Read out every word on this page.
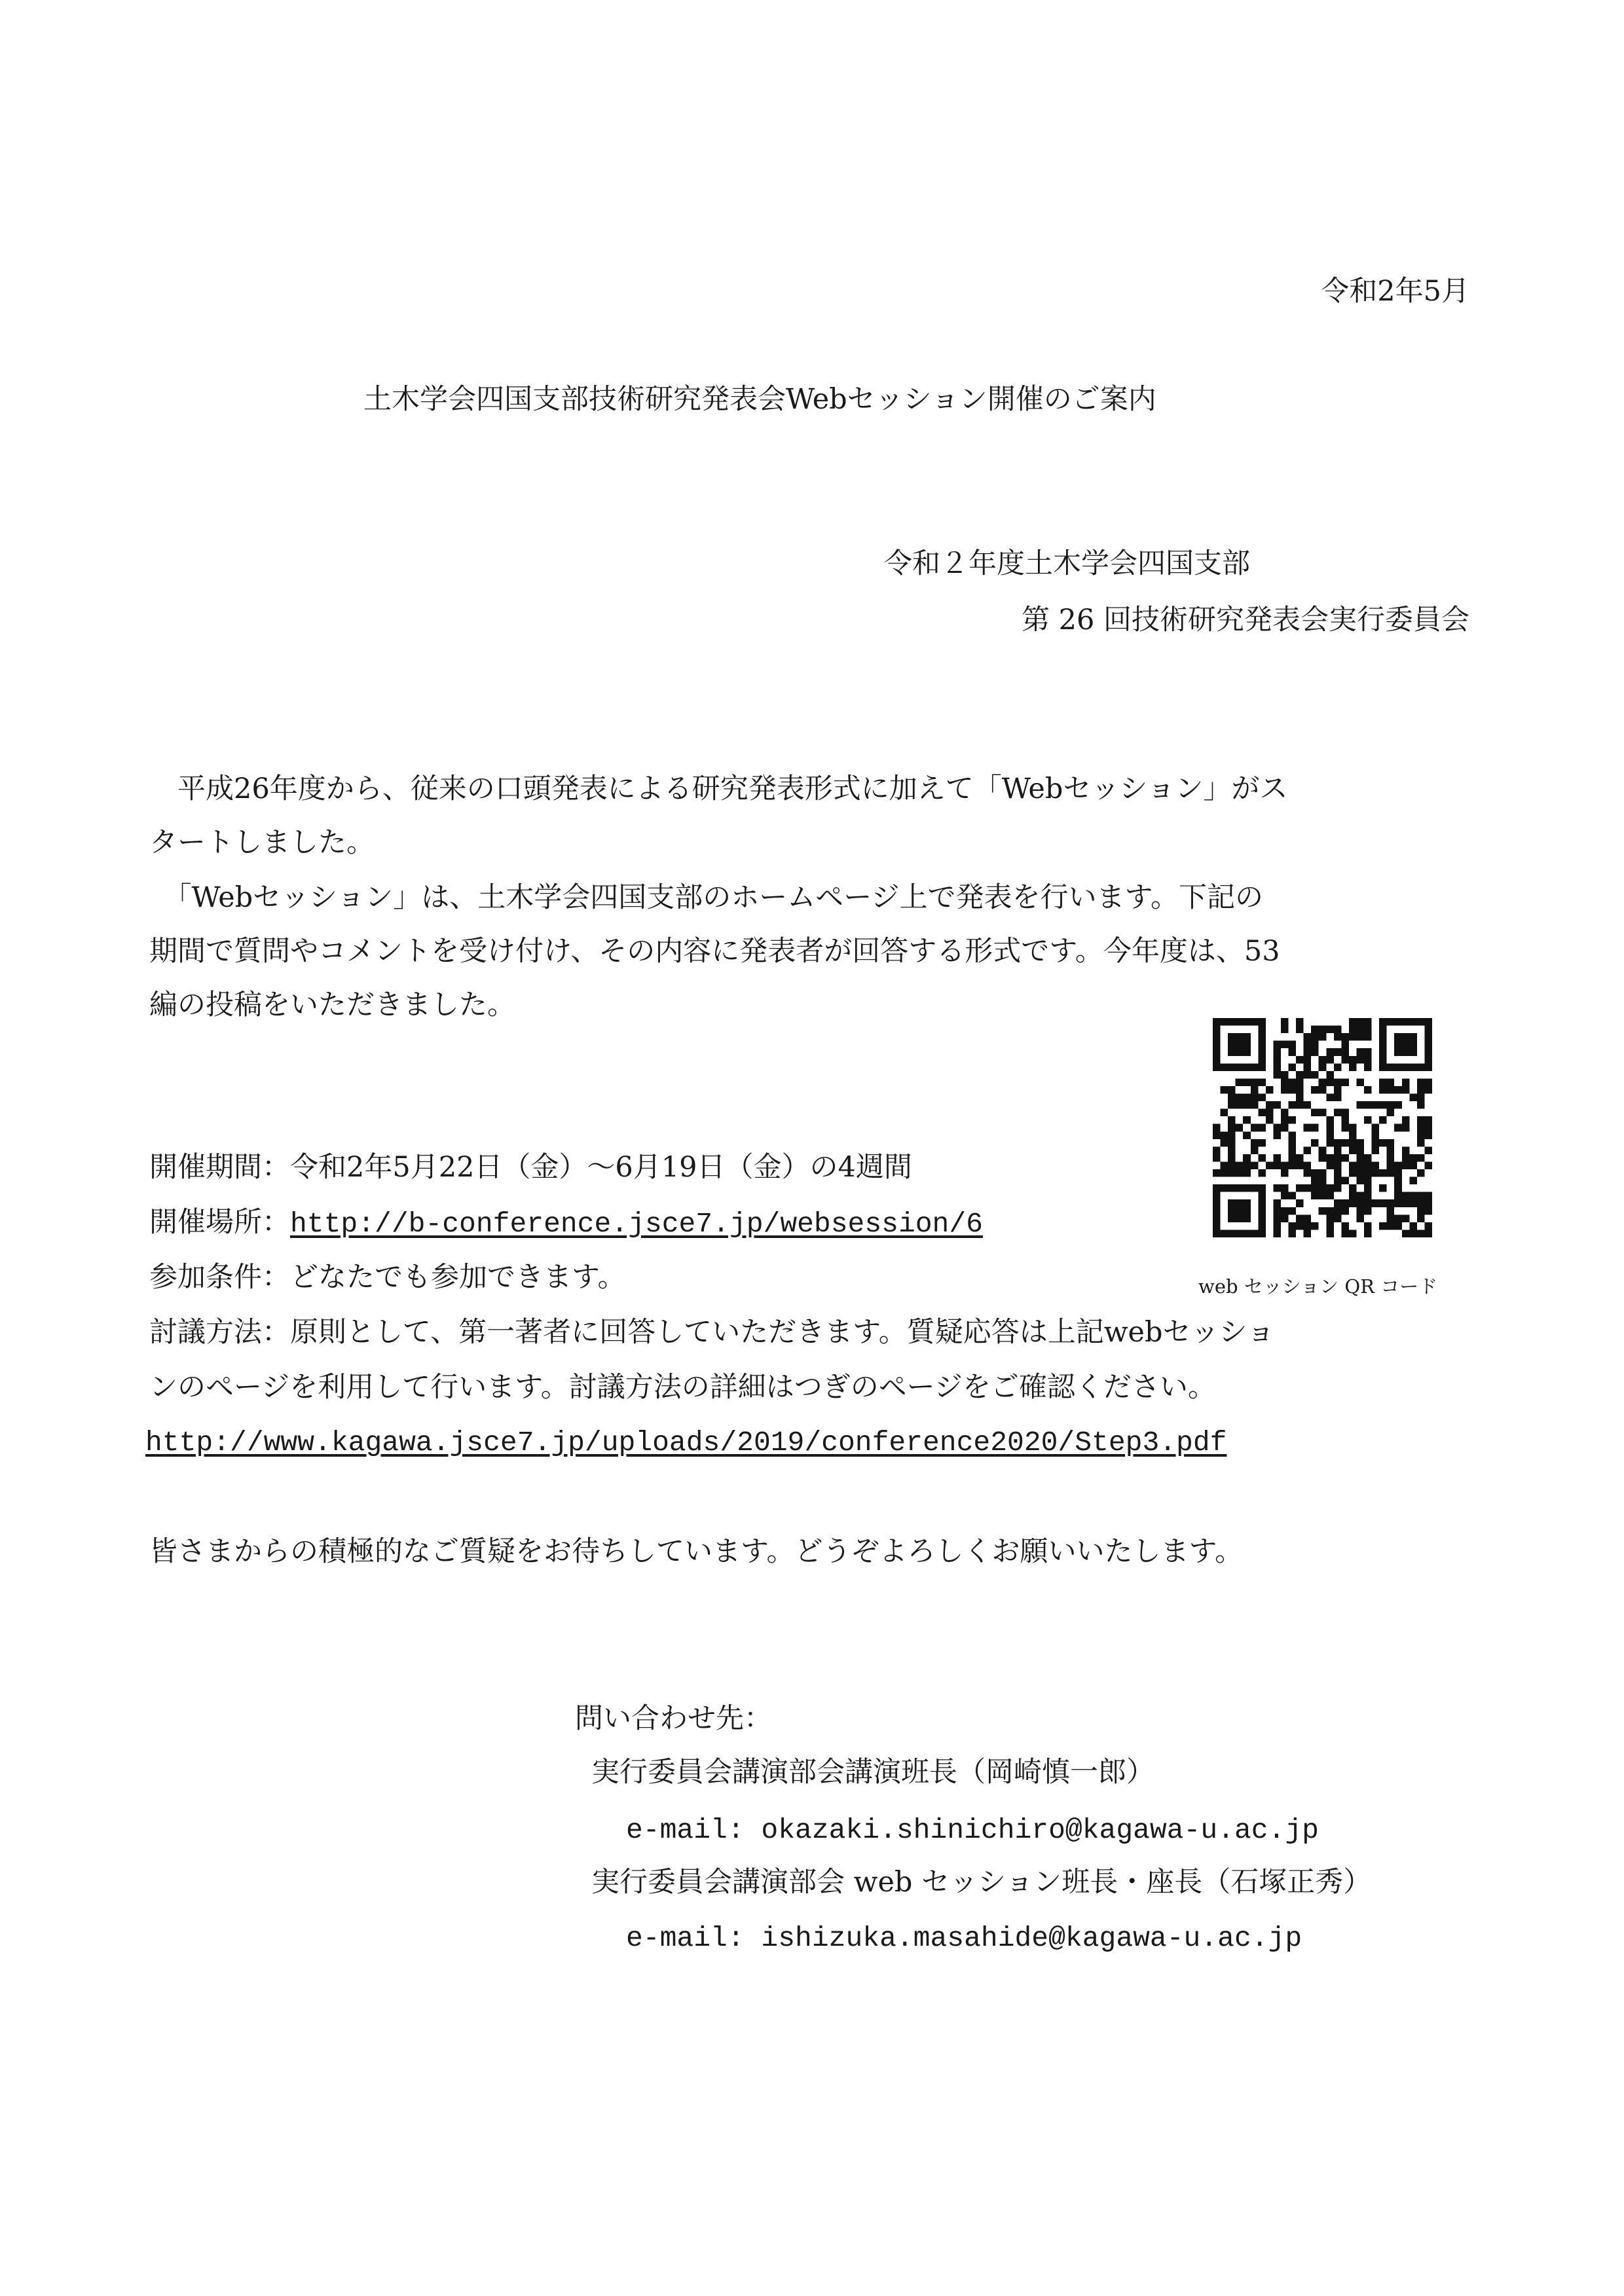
令和2年5月
土木学会四国支部技術研究発表会Webセッション開催のご案内
令和２年度土木学会四国支部
第 26 回技術研究発表会実行委員会
　平成26年度から、従来の口頭発表による研究発表形式に加えて「Webセッション」がス
タートしました。
　「Webセッション」は、土木学会四国支部のホームページ上で発表を行います。下記の
期間で質問やコメントを受け付け、その内容に発表者が回答する形式です。今年度は、53
編の投稿をいただきました。
web セッション QR コード
開催期間：令和2年5月22日（金）～6月19日（金）の4週間
開催場所：http://b-conference.jsce7.jp/websession/6
参加条件：どなたでも参加できます。
討議方法：原則として、第一著者に回答していただきます。質疑応答は上記webセッショ
ンのページを利用して行います。討議方法の詳細はつぎのページをご確認ください。
http://www.kagawa.jsce7.jp/uploads/2019/conference2020/Step3.pdf
皆さまからの積極的なご質疑をお待ちしています。どうぞよろしくお願いいたします。
問い合わせ先：
実行委員会講演部会講演班長（岡崎慎一郎）
e-mail: okazaki.shinichiro@kagawa-u.ac.jp
実行委員会講演部会 web セッション班長・座長（石塚正秀）
e-mail: ishizuka.masahide@kagawa-u.ac.jp
